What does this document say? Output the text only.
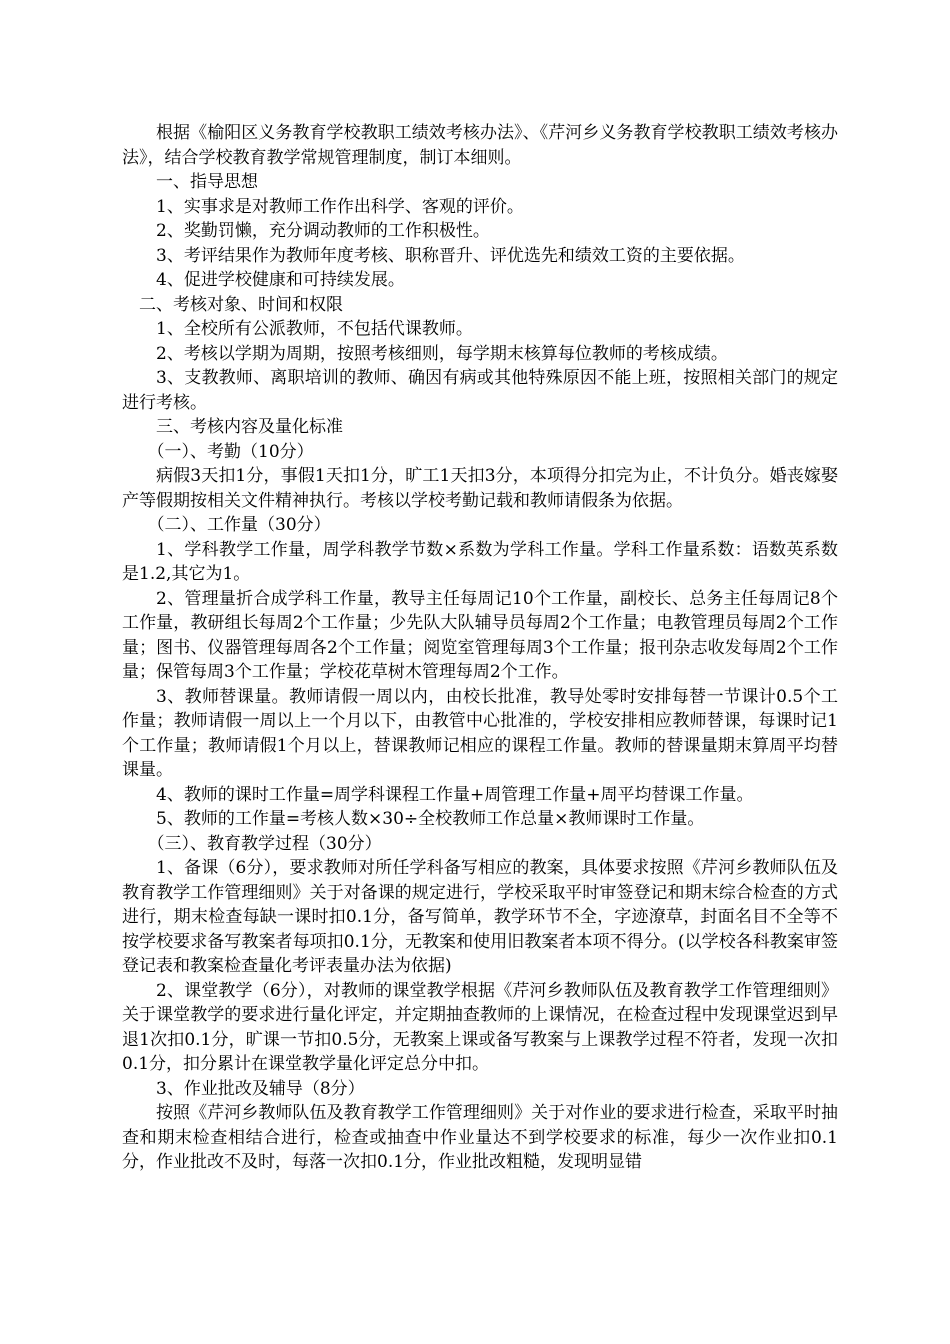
根据《榆阳区义务教育学校教职工绩效考核办法》、《芹河乡义务教育学校教职工绩效考核办法》，结合学校教育教学常规管理制度，制订本细则。

一、指导思想

1、实事求是对教师工作作出科学、客观的评价。

2、奖勤罚懒，充分调动教师的工作积极性。

3、考评结果作为教师年度考核、职称晋升、评优选先和绩效工资的主要依据。

4、促进学校健康和可持续发展。

二、考核对象、时间和权限

1、全校所有公派教师，不包括代课教师。

2、考核以学期为周期，按照考核细则，每学期末核算每位教师的考核成绩。

3、支教教师、离职培训的教师、确因有病或其他特殊原因不能上班，按照相关部门的规定进行考核。

三、考核内容及量化标准

（一）、考勤（10分）

病假3天扣1分，事假1天扣1分，旷工1天扣3分，本项得分扣完为止，不计负分。婚丧嫁娶产等假期按相关文件精神执行。考核以学校考勤记载和教师请假条为依据。

（二）、工作量（30分）

1、学科教学工作量，周学科教学节数×系数为学科工作量。学科工作量系数：语数英系数是1.2,其它为1。

2、管理量折合成学科工作量，教导主任每周记10个工作量，副校长、总务主任每周记8个工作量，教研组长每周2个工作量；少先队大队辅导员每周2个工作量；电教管理员每周2个工作量；图书、仪器管理每周各2个工作量；阅览室管理每周3个工作量；报刊杂志收发每周2个工作量；保管每周3个工作量；学校花草树木管理每周2个工作。

3、教师替课量。教师请假一周以内，由校长批准，教导处零时安排每替一节课计0.5个工作量；教师请假一周以上一个月以下，由教管中心批准的，学校安排相应教师替课，每课时记1个工作量；教师请假1个月以上，替课教师记相应的课程工作量。教师的替课量期末算周平均替课量。

4、教师的课时工作量=周学科课程工作量+周管理工作量+周平均替课工作量。

5、教师的工作量=考核人数×30÷全校教师工作总量×教师课时工作量。

（三）、教育教学过程（30分）

1、备课（6分），要求教师对所任学科备写相应的教案，具体要求按照《芹河乡教师队伍及教育教学工作管理细则》关于对备课的规定进行，学校采取平时审签登记和期末综合检查的方式进行，期末检查每缺一课时扣0.1分，备写简单，教学环节不全，字迹潦草，封面名目不全等不按学校要求备写教案者每项扣0.1分，无教案和使用旧教案者本项不得分。(以学校各科教案审签登记表和教案检查量化考评表量办法为依据)

2、课堂教学（6分），对教师的课堂教学根据《芹河乡教师队伍及教育教学工作管理细则》关于课堂教学的要求进行量化评定，并定期抽查教师的上课情况，在检查过程中发现课堂迟到早退1次扣0.1分，旷课一节扣0.5分，无教案上课或备写教案与上课教学过程不符者，发现一次扣0.1分，扣分累计在课堂教学量化评定总分中扣。

3、作业批改及辅导（8分）

按照《芹河乡教师队伍及教育教学工作管理细则》关于对作业的要求进行检查，采取平时抽查和期末检查相结合进行，检查或抽查中作业量达不到学校要求的标准，每少一次作业扣0.1分，作业批改不及时，每落一次扣0.1分，作业批改粗糙，发现明显错
